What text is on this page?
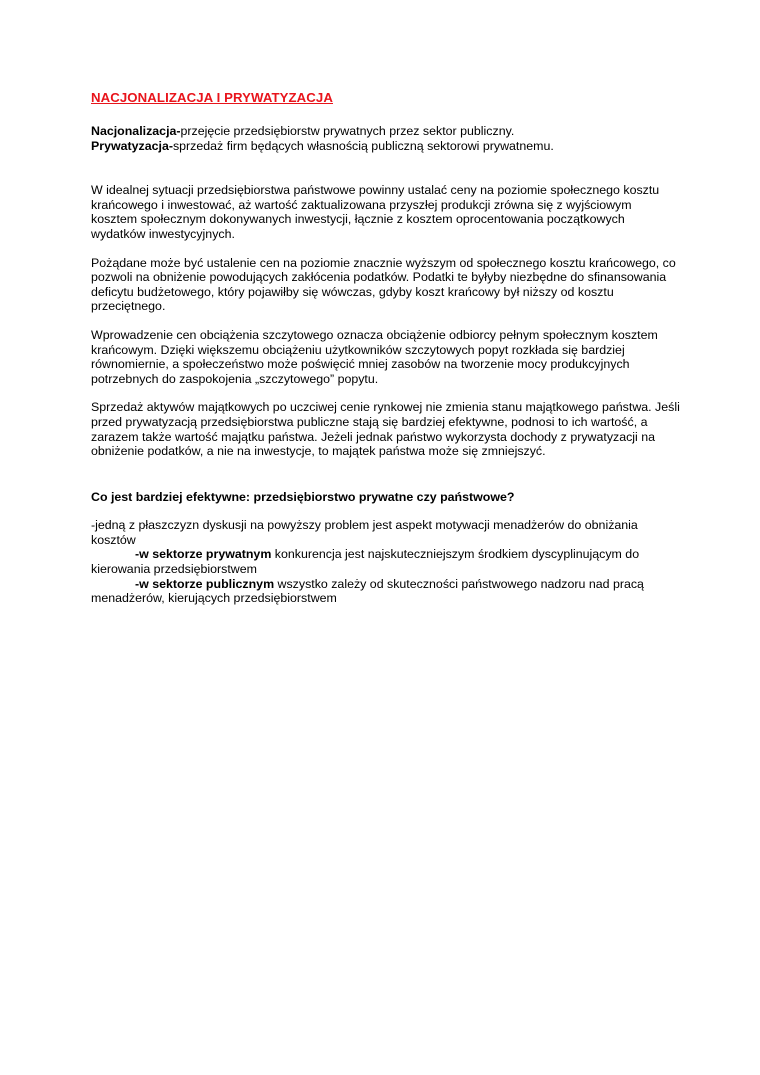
NACJONALIZACJA I PRYWATYZACJA

Nacjonalizacja-przejęcie przedsiębiorstw prywatnych przez sektor publiczny.

Prywatyzacja-sprzedaż firm będących własnością publiczną sektorowi prywatnemu.

W idealnej sytuacji przedsiębiorstwa państwowe powinny ustalać ceny na poziomie społecznego kosztu krańcowego i inwestować, aż wartość zaktualizowana przyszłej produkcji zrówna się z wyjściowym kosztem społecznym dokonywanych inwestycji, łącznie z kosztem oprocentowania początkowych wydatków inwestycyjnych.

Pożądane może być ustalenie cen na poziomie znacznie wyższym od społecznego kosztu krańcowego, co pozwoli na obniżenie powodujących zakłócenia podatków. Podatki te byłyby niezbędne do sfinansowania deficytu budżetowego, który pojawiłby się wówczas, gdyby koszt krańcowy był niższy od kosztu przeciętnego.

Wprowadzenie cen obciążenia szczytowego oznacza obciążenie odbiorcy pełnym społecznym kosztem krańcowym. Dzięki większemu obciążeniu użytkowników szczytowych popyt rozkłada się bardziej równomiernie, a społeczeństwo może poświęcić mniej zasobów na tworzenie mocy produkcyjnych potrzebnych do zaspokojenia „szczytowego” popytu.

Sprzedaż aktywów majątkowych po uczciwej cenie rynkowej nie zmienia stanu majątkowego państwa. Jeśli przed prywatyzacją przedsiębiorstwa publiczne stają się bardziej efektywne, podnosi to ich wartość, a zarazem także wartość majątku państwa. Jeżeli jednak państwo wykorzysta dochody z prywatyzacji na obniżenie podatków, a nie na inwestycje, to majątek państwa może się zmniejszyć.

Co jest bardziej efektywne: przedsiębiorstwo prywatne czy państwowe?

-jedną z płaszczyzn dyskusji na powyższy problem jest aspekt motywacji menadżerów do obniżania kosztów

-w sektorze prywatnym konkurencja jest najskuteczniejszym środkiem dyscyplinującym do kierowania przedsiębiorstwem

-w sektorze publicznym wszystko zależy od skuteczności państwowego nadzoru nad pracą menadżerów, kierujących przedsiębiorstwem
